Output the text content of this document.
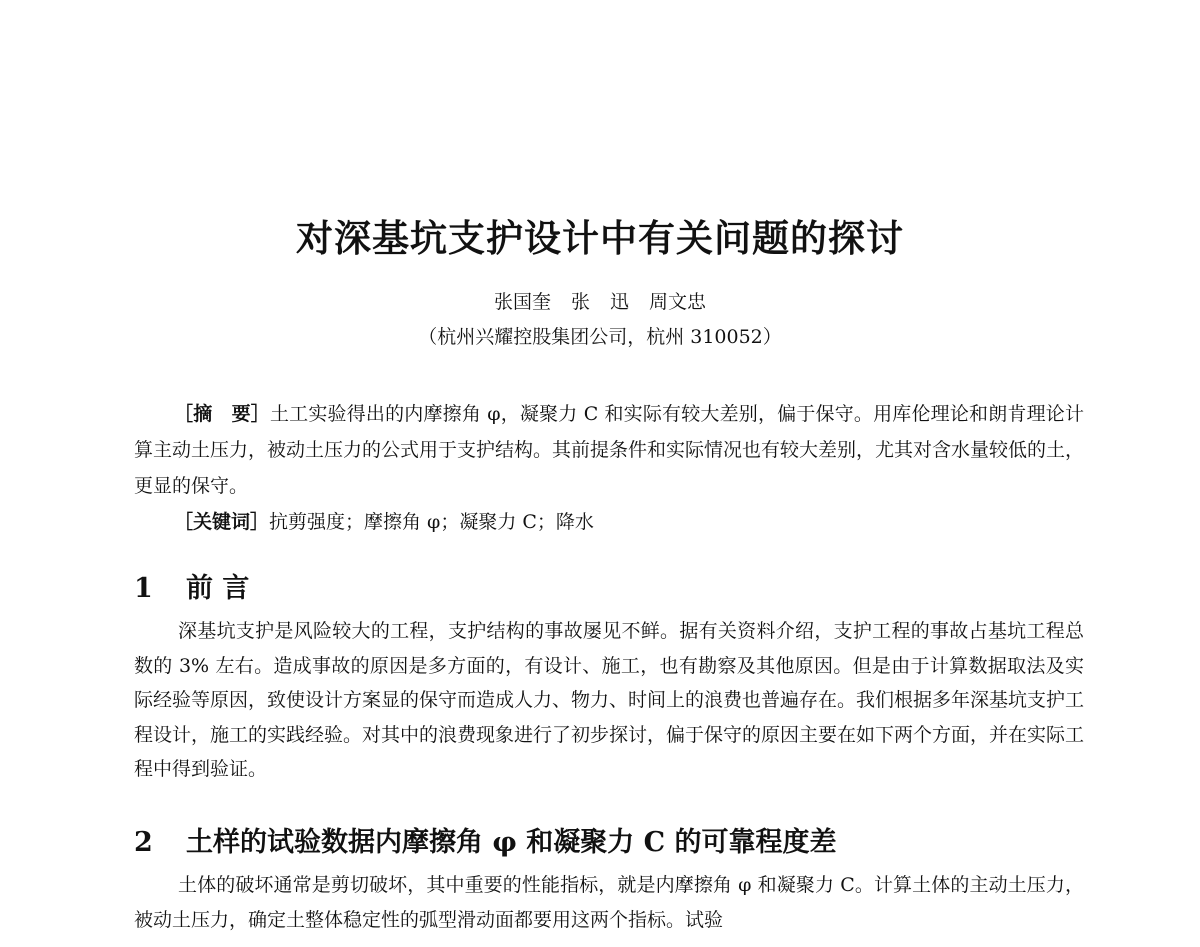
对深基坑支护设计中有关问题的探讨

张国奎 张 迅 周文忠

（杭州兴耀控股集团公司，杭州 310052）

［摘　要］土工实验得出的内摩擦角 φ，凝聚力 C 和实际有较大差别，偏于保守。用库伦理论和朗肯理论计算主动土压力，被动土压力的公式用于支护结构。其前提条件和实际情况也有较大差别，尤其对含水量较低的土，更显的保守。

［关键词］抗剪强度；摩擦角 φ；凝聚力 C；降水

1 前 言

深基坑支护是风险较大的工程，支护结构的事故屡见不鲜。据有关资料介绍，支护工程的事故占基坑工程总数的 3% 左右。造成事故的原因是多方面的，有设计、施工，也有勘察及其他原因。但是由于计算数据取法及实际经验等原因，致使设计方案显的保守而造成人力、物力、时间上的浪费也普遍存在。我们根据多年深基坑支护工程设计，施工的实践经验。对其中的浪费现象进行了初步探讨，偏于保守的原因主要在如下两个方面，并在实际工程中得到验证。

2 土样的试验数据内摩擦角 φ 和凝聚力 C 的可靠程度差

土体的破坏通常是剪切破坏，其中重要的性能指标，就是内摩擦角 φ 和凝聚力 C。计算土体的主动土压力，被动土压力，确定土整体稳定性的弧型滑动面都要用这两个指标。试验
